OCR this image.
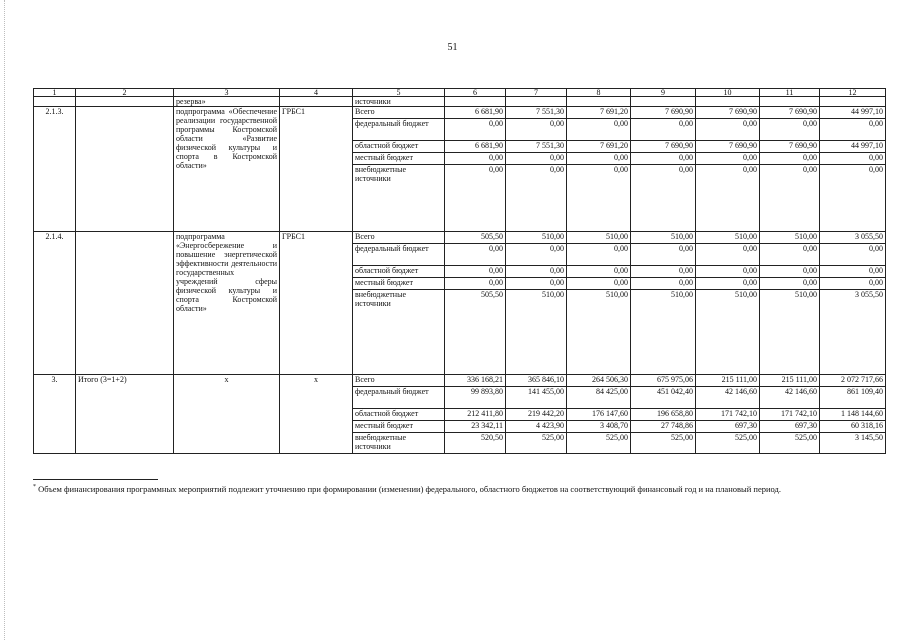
51
1	2	3	4	5	6	7	8	9	10	11	12
		резерва»		источники							
2.1.3.		подпрограмма «Обеспечение реализации государственной программы Костромской области «Развитие физической культуры и спорта в Костромской области»	ГРБС1	Всего	6 681,90	7 551,30	7 691,20	7 690,90	7 690,90	7 690,90	44 997,10
				федеральный бюджет	0,00	0,00	0,00	0,00	0,00	0,00	0,00
				областной бюджет	6 681,90	7 551,30	7 691,20	7 690,90	7 690,90	7 690,90	44 997,10
				местный бюджет	0,00	0,00	0,00	0,00	0,00	0,00	0,00
				внебюджетные источники	0,00	0,00	0,00	0,00	0,00	0,00	0,00
2.1.4.		подпрограмма «Энергосбережение и повышение энергетической эффективности деятельности государственных учреждений сферы физической культуры и спорта Костромской области»	ГРБС1	Всего	505,50	510,00	510,00	510,00	510,00	510,00	3 055,50
				федеральный бюджет	0,00	0,00	0,00	0,00	0,00	0,00	0,00
				областной бюджет	0,00	0,00	0,00	0,00	0,00	0,00	0,00
				местный бюджет	0,00	0,00	0,00	0,00	0,00	0,00	0,00
				внебюджетные источники	505,50	510,00	510,00	510,00	510,00	510,00	3 055,50
3.	Итого (3=1+2)	х	х	Всего	336 168,21	365 846,10	264 506,30	675 975,06	215 111,00	215 111,00	2 072 717,66
				федеральный бюджет	99 893,80	141 455,00	84 425,00	451 042,40	42 146,60	42 146,60	861 109,40
				областной бюджет	212 411,80	219 442,20	176 147,60	196 658,80	171 742,10	171 742,10	1 148 144,60
				местный бюджет	23 342,11	4 423,90	3 408,70	27 748,86	697,30	697,30	60 318,16
				внебюджетные источники	520,50	525,00	525,00	525,00	525,00	525,00	3 145,50
* Объем финансирования программных мероприятий подлежит уточнению при формировании (изменении) федерального, областного бюджетов на соответствующий финансовый год и на плановый период.
